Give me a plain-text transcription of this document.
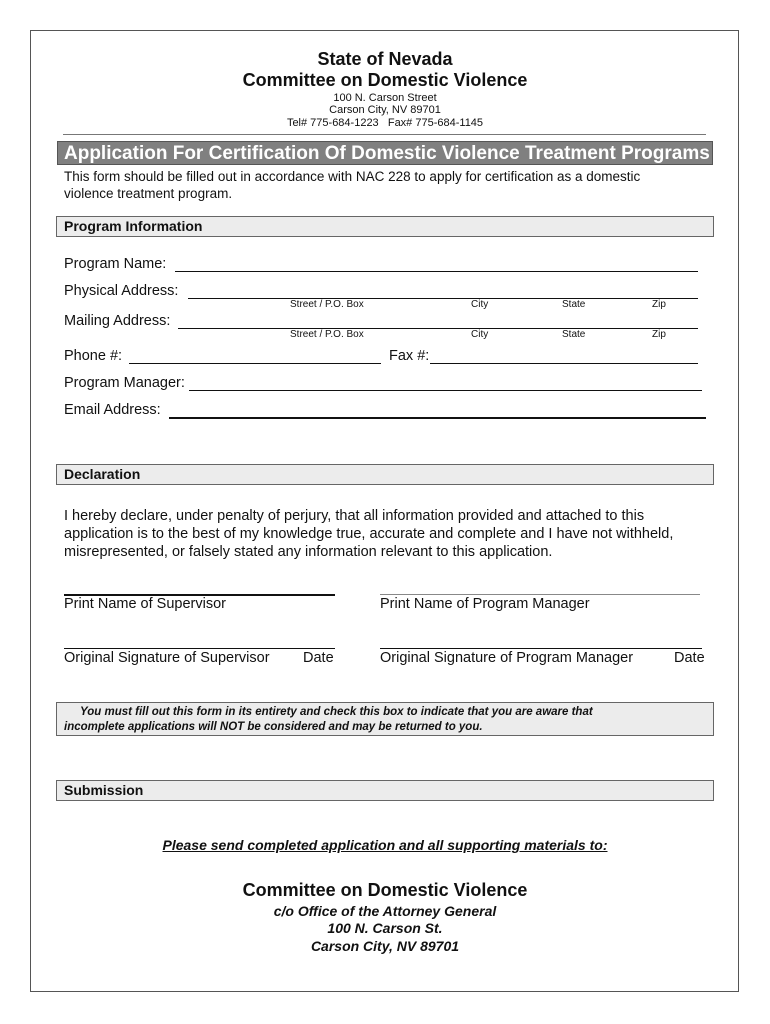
State of Nevada
Committee on Domestic Violence
100 N. Carson Street
Carson City, NV 89701
Tel# 775-684-1223   Fax# 775-684-1145
Application For Certification Of Domestic Violence Treatment Programs
This form should be filled out in accordance with NAC 228 to apply for certification as a domestic
violence treatment program.
Program Information
Program Name:
Physical Address:
Street / P.O. Box	City	State	Zip
Mailing Address:
Street / P.O. Box	City	State	Zip
Phone #:	Fax #:
Program Manager:
Email Address:
Declaration
I hereby declare, under penalty of perjury, that all information provided and attached to this
application is to the best of my knowledge true, accurate and complete and I have not withheld,
misrepresented, or falsely stated any information relevant to this application.
Print Name of Supervisor	Print Name of Program Manager
Original Signature of Supervisor Date	Original Signature of Program Manager	Date
You must fill out this form in its entirety and check this box to indicate that you are aware that
incomplete applications will NOT be considered and may be returned to you.
Submission
Please send completed application and all supporting materials to:
Committee on Domestic Violence
c/o Office of the Attorney General
100 N. Carson St.
Carson City, NV 89701
